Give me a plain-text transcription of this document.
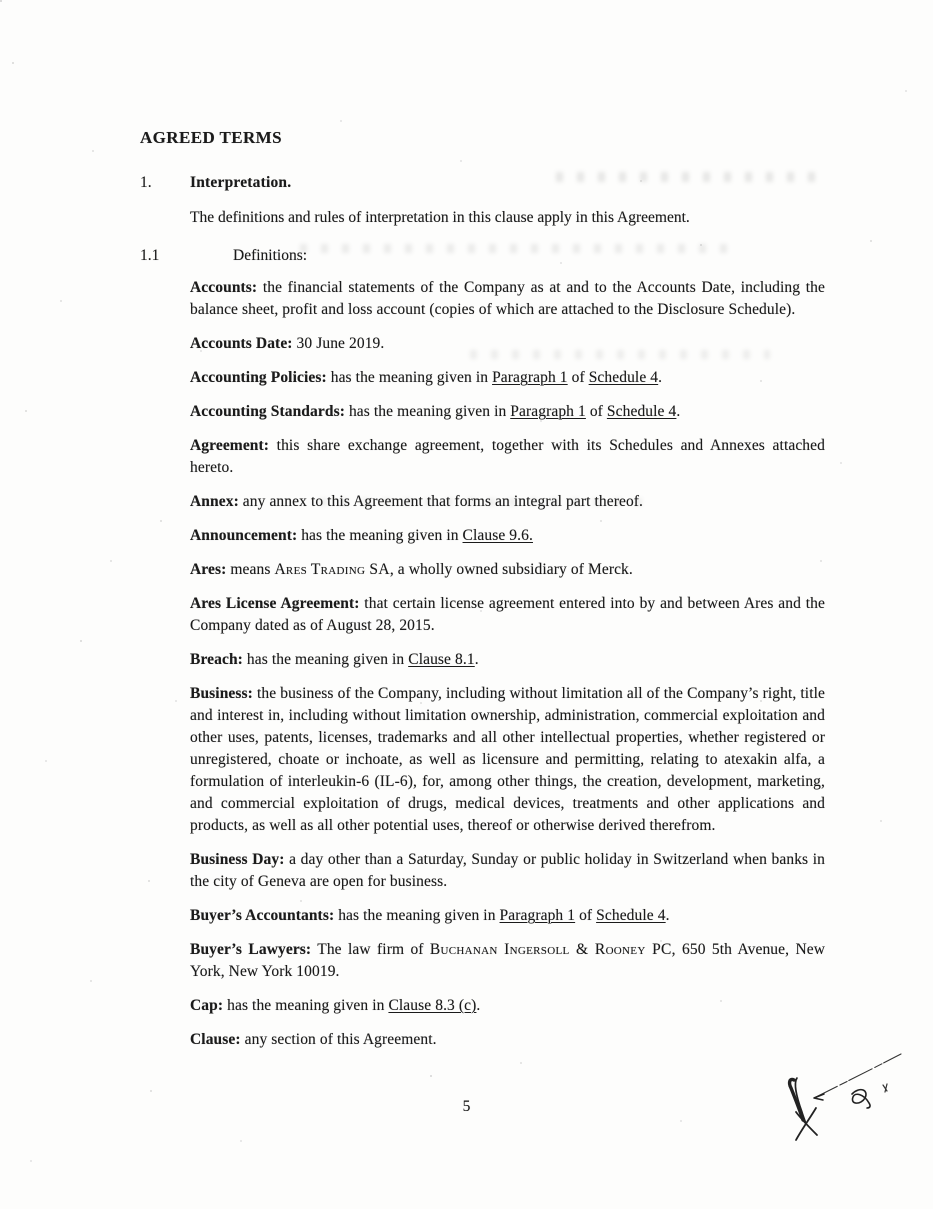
AGREED TERMS
1.	Interpretation.

The definitions and rules of interpretation in this clause apply in this Agreement.

1.1	Definitions:

Accounts: the financial statements of the Company as at and to the Accounts Date, including the balance sheet, profit and loss account (copies of which are attached to the Disclosure Schedule).

Accounts Date: 30 June 2019.

Accounting Policies: has the meaning given in Paragraph 1 of Schedule 4.

Accounting Standards: has the meaning given in Paragraph 1 of Schedule 4.

Agreement: this share exchange agreement, together with its Schedules and Annexes attached hereto.

Annex: any annex to this Agreement that forms an integral part thereof.

Announcement: has the meaning given in Clause 9.6.

Ares: means Ares Trading SA, a wholly owned subsidiary of Merck.

Ares License Agreement: that certain license agreement entered into by and between Ares and the Company dated as of August 28, 2015.

Breach: has the meaning given in Clause 8.1.

Business: the business of the Company, including without limitation all of the Company’s right, title and interest in, including without limitation ownership, administration, commercial exploitation and other uses, patents, licenses, trademarks and all other intellectual properties, whether registered or unregistered, choate or inchoate, as well as licensure and permitting, relating to atexakin alfa, a formulation of interleukin-6 (IL-6), for, among other things, the creation, development, marketing, and commercial exploitation of drugs, medical devices, treatments and other applications and products, as well as all other potential uses, thereof or otherwise derived therefrom.

Business Day: a day other than a Saturday, Sunday or public holiday in Switzerland when banks in the city of Geneva are open for business.

Buyer’s Accountants: has the meaning given in Paragraph 1 of Schedule 4.

Buyer’s Lawyers: The law firm of Buchanan Ingersoll & Rooney PC, 650 5th Avenue, New York, New York 10019.

Cap: has the meaning given in Clause 8.3 (c).

Clause: any section of this Agreement.

5
